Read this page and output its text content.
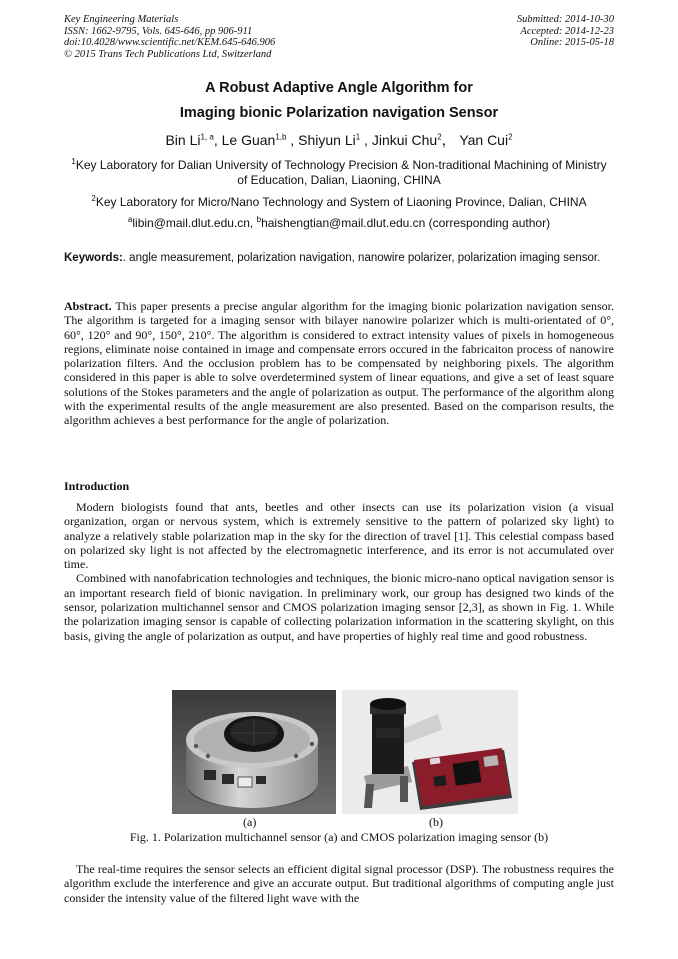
Key Engineering Materials
ISSN: 1662-9795, Vols. 645-646, pp 906-911
doi:10.4028/www.scientific.net/KEM.645-646.906
© 2015 Trans Tech Publications Ltd, Switzerland
Submitted: 2014-10-30
Accepted: 2014-12-23
Online: 2015-05-18
A Robust Adaptive Angle Algorithm for
Imaging bionic Polarization navigation Sensor
Bin Li$^{1, a}$, Le Guan$^{1,b}$ , Shiyun Li$^1$ , Jinkui Chu$^2$， Yan Cui$^2$
$^1$Key Laboratory for Dalian University of Technology Precision & Non-traditional Machining of Ministry of Education, Dalian, Liaoning, CHINA
$^2$Key Laboratory for Micro/Nano Technology and System of Liaoning Province, Dalian, CHINA
$^a$libin@mail.dlut.edu.cn, $^b$haishengtian@mail.dlut.edu.cn (corresponding author)
Keywords:. angle measurement, polarization navigation, nanowire polarizer, polarization imaging sensor.

Abstract. This paper presents a precise angular algorithm for the imaging bionic polarization navigation sensor. The algorithm is targeted for a imaging sensor with bilayer nanowire polarizer which is multi-orientated of 0°, 60°, 120° and 90°, 150°, 210°. The algorithm is considered to extract intensity values of pixels in homogeneous regions, eliminate noise contained in image and compensate errors occured in the fabricaiton process of nanowire polarization filters. And the occlusion problem has to be compensated by neighboring pixels. The algorithm considered in this paper is able to solve overdetermined system of linear equations, and give a set of least square solutions of the Stokes parameters and the angle of polarization as output. The performance of the algorithm along with the experimental results of the angle measurement are also presented. Based on the comparison results, the algorithm achieves a best performance for the angle of polarization.

Introduction

Modern biologists found that ants, beetles and other insects can use its polarization vision (a visual organization, organ or nervous system, which is extremely sensitive to the pattern of polarized sky light) to analyze a relatively stable polarization map in the sky for the direction of travel [1]. This celestial compass based on polarized sky light is not affected by the electromagnetic interference, and its error is not accumulated over time.

Combined with nanofabrication technologies and techniques, the bionic micro-nano optical navigation sensor is an important research field of bionic navigation. In preliminary work, our group has designed two kinds of the sensor, polarization multichannel sensor and CMOS polarization imaging sensor [2,3], as shown in Fig. 1. While the polarization imaging sensor is capable of collecting polarization information in the scattering skylight, on this basis, giving the angle of polarization as output, and have properties of highly real time and good robustness.

(a)	(b)
Fig. 1. Polarization multichannel sensor (a) and CMOS polarization imaging sensor (b)

The real-time requires the sensor selects an efficient digital signal processor (DSP). The robustness requires the algorithm exclude the interference and give an accurate output. But traditional algorithms of computing angle just consider the intensity value of the filtered light wave with the
